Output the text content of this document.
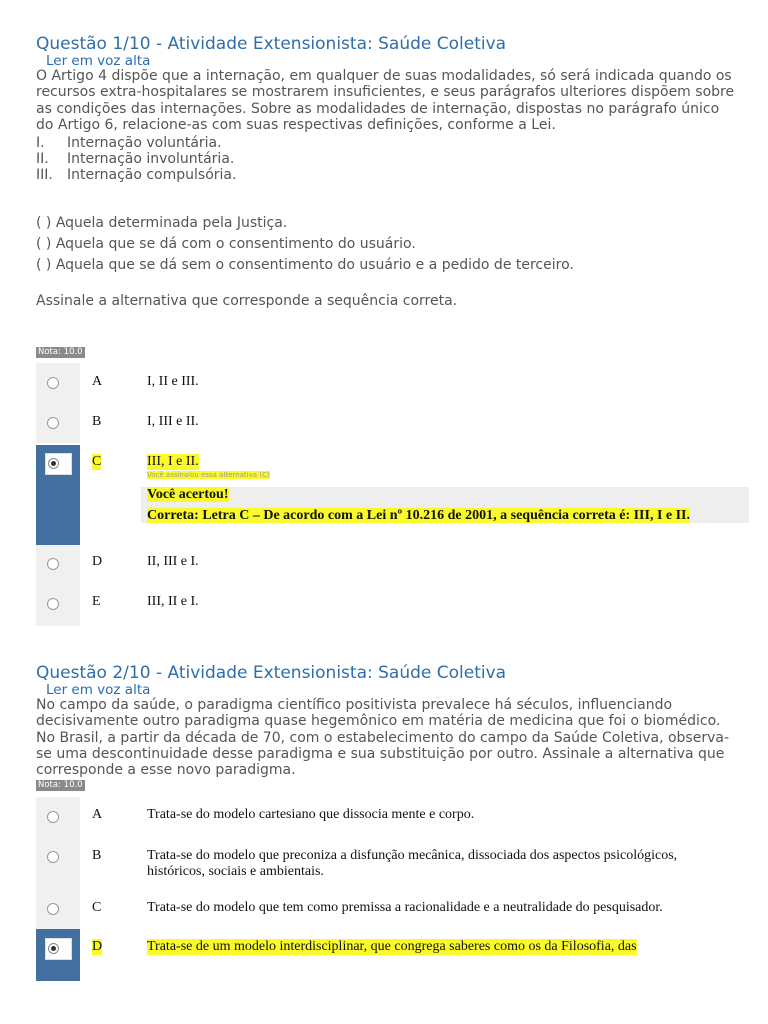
Questão 1/10 - Atividade Extensionista: Saúde Coletiva
Ler em voz alta
O Artigo 4 dispõe que a internação, em qualquer de suas modalidades, só será indicada quando os recursos extra-hospitalares se mostrarem insuficientes, e seus parágrafos ulteriores dispõem sobre as condições das internações. Sobre as modalidades de internação, dispostas no parágrafo único do Artigo 6, relacione-as com suas respectivas definições, conforme a Lei.
I. Internação voluntária.
II. Internação involuntária.
III. Internação compulsória.
( ) Aquela determinada pela Justiça.
( ) Aquela que se dá com o consentimento do usuário.
( ) Aquela que se dá sem o consentimento do usuário e a pedido de terceiro.
Assinale a alternativa que corresponde a sequência correta.
Nota: 10.0
A	I, II e III.
B	I, III e II.
C	III, I e II.
Você assinalou essa alternativa (C)
Você acertou!
Correta: Letra C – De acordo com a Lei nº 10.216 de 2001, a sequência correta é: III, I e II.
D	II, III e I.
E	III, II e I.
Questão 2/10 - Atividade Extensionista: Saúde Coletiva
Ler em voz alta
No campo da saúde, o paradigma científico positivista prevalece há séculos, influenciando decisivamente outro paradigma quase hegemônico em matéria de medicina que foi o biomédico. No Brasil, a partir da década de 70, com o estabelecimento do campo da Saúde Coletiva, observa-se uma descontinuidade desse paradigma e sua substituição por outro. Assinale a alternativa que corresponde a esse novo paradigma.
Nota: 10.0
A	Trata-se do modelo cartesiano que dissocia mente e corpo.
B	Trata-se do modelo que preconiza a disfunção mecânica, dissociada dos aspectos psicológicos,
históricos, sociais e ambientais.
C	Trata-se do modelo que tem como premissa a racionalidade e a neutralidade do pesquisador.
D	Trata-se de um modelo interdisciplinar, que congrega saberes como os da Filosofia, das
